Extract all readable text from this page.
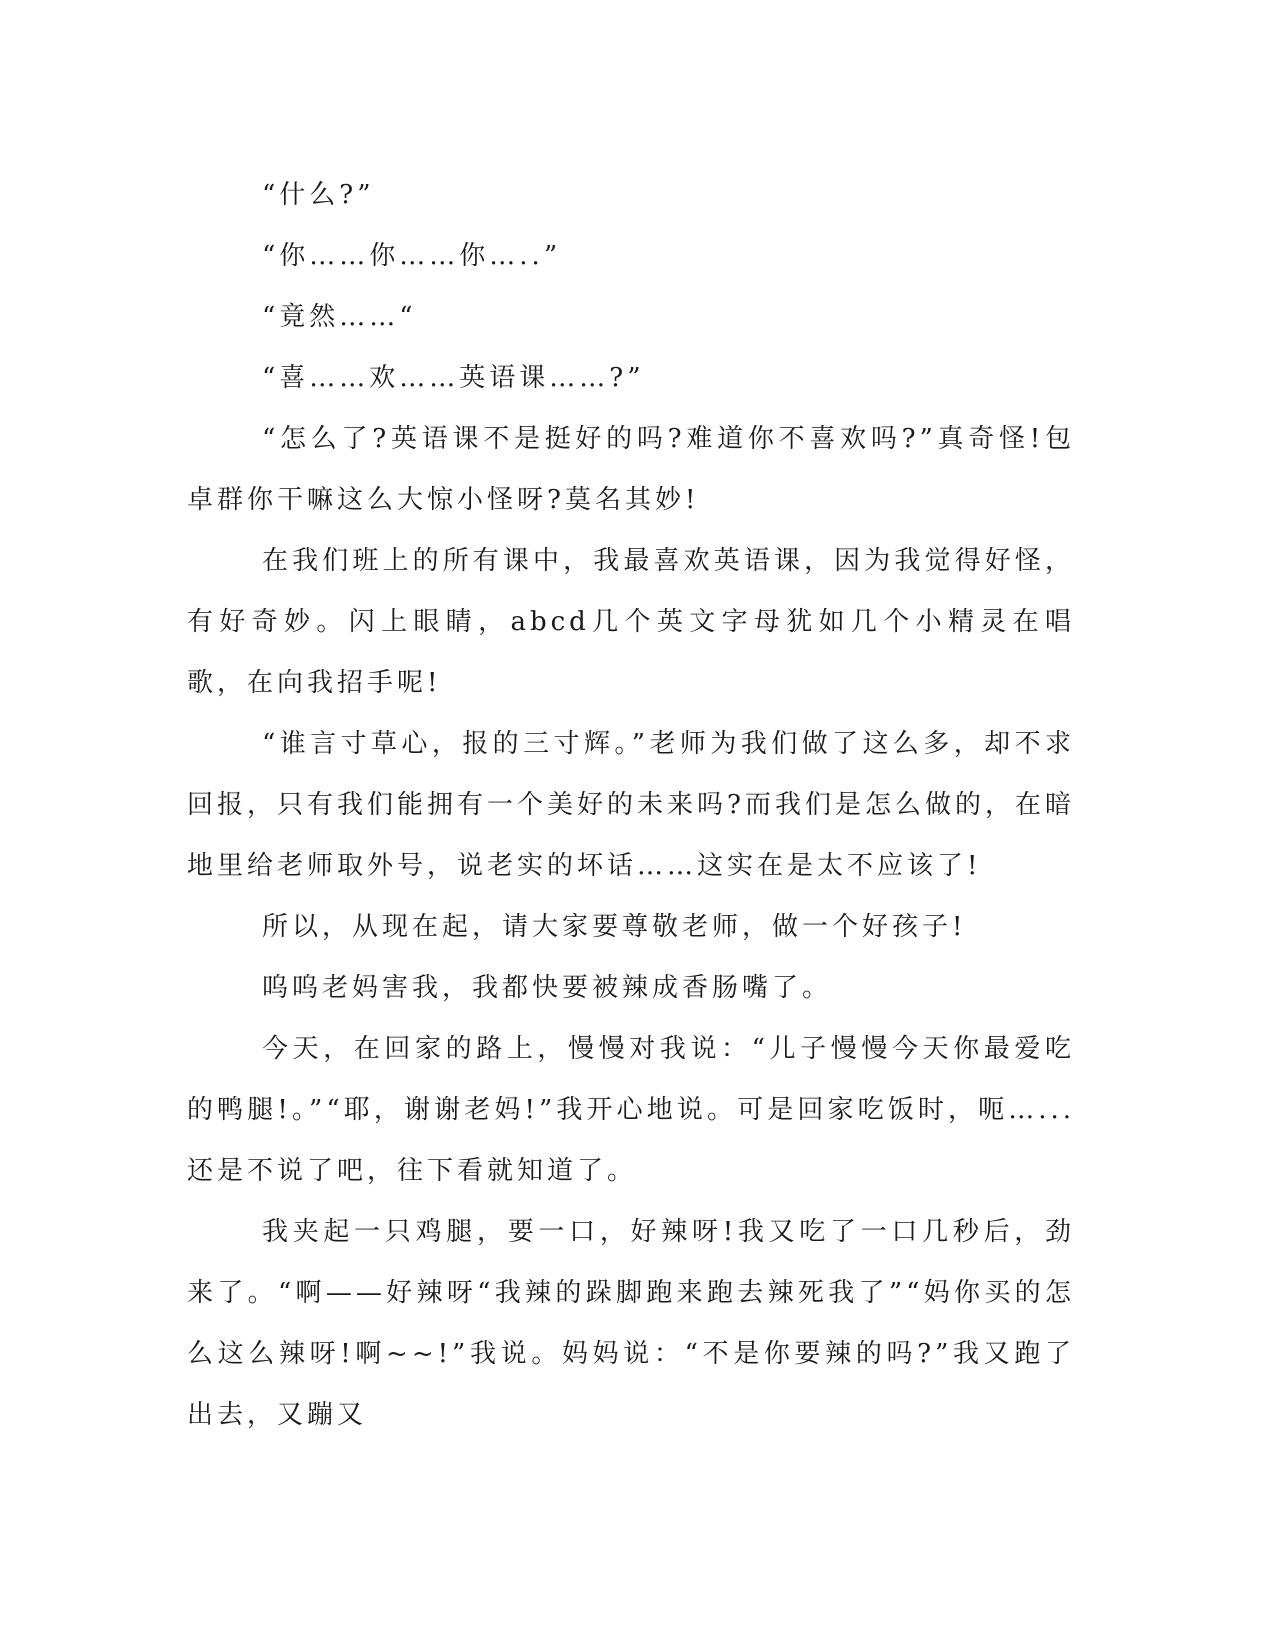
“什么?”

“你……你……你…..”

“竟然……“

“喜……欢……英语课……?”

“怎么了?英语课不是挺好的吗?难道你不喜欢吗?”真奇怪!包卓群你干嘛这么大惊小怪呀?莫名其妙!

在我们班上的所有课中，我最喜欢英语课，因为我觉得好怪，有好奇妙。闪上眼睛，abcd几个英文字母犹如几个小精灵在唱歌，在向我招手呢!

“谁言寸草心，报的三寸辉。”老师为我们做了这么多，却不求回报，只有我们能拥有一个美好的未来吗?而我们是怎么做的，在暗地里给老师取外号，说老实的坏话……这实在是太不应该了!

所以，从现在起，请大家要尊敬老师，做一个好孩子!

呜呜老妈害我，我都快要被辣成香肠嘴了。

今天，在回家的路上，慢慢对我说：“儿子慢慢今天你最爱吃的鸭腿!。”“耶，谢谢老妈!”我开心地说。可是回家吃饭时，呃…...还是不说了吧，往下看就知道了。

我夹起一只鸡腿，要一口，好辣呀!我又吃了一口几秒后，劲来了。“啊——好辣呀“我辣的跺脚跑来跑去辣死我了”“妈你买的怎么这么辣呀!啊~~!”我说。妈妈说：“不是你要辣的吗?”我又跑了出去，又蹦又
